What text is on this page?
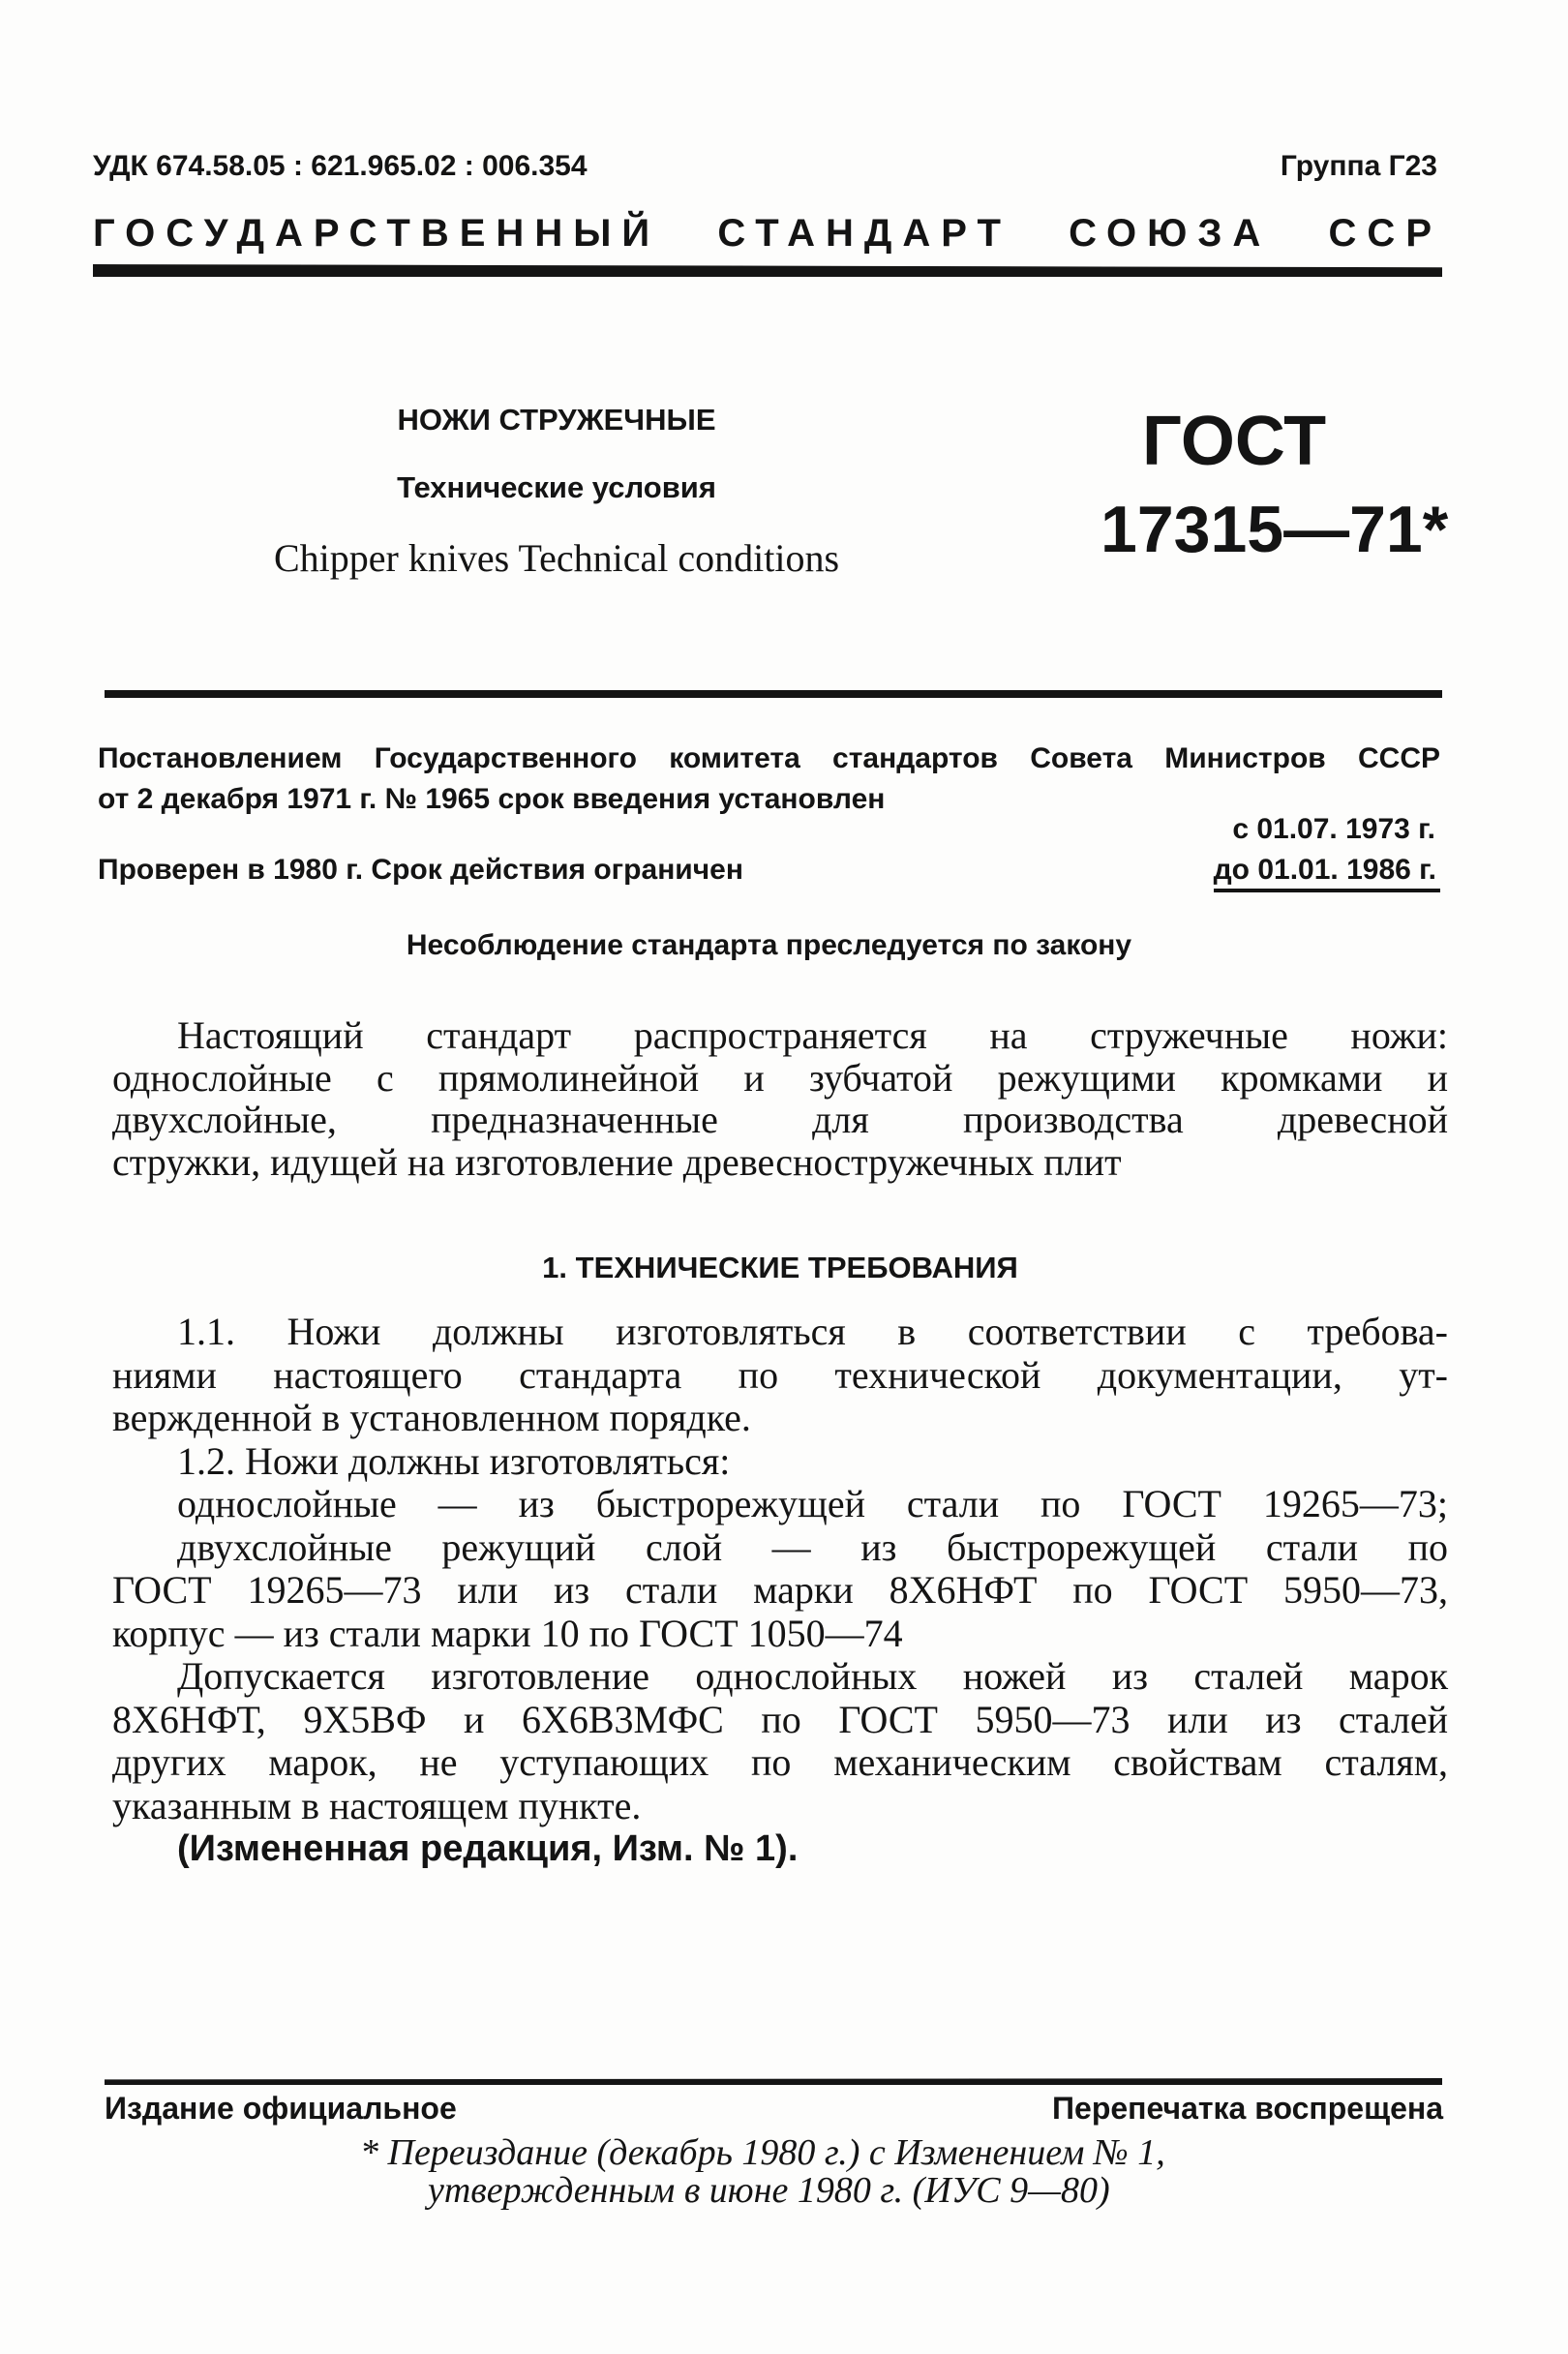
УДК 674.58.05 : 621.965.02 : 006.354	Группа Г23
ГОСУДАРСТВЕННЫЙ СТАНДАРТ СОЮЗА ССР
НОЖИ СТРУЖЕЧНЫЕ
Технические условия
Chipper knives Technical conditions
ГОСТ
17315—71*
Постановлением Государственного комитета стандартов Совета Министров СССР
от 2 декабря 1971 г. № 1965 срок введения установлен
с 01.07. 1973 г.
Проверен в 1980 г. Срок действия ограничен	до 01.01. 1986 г.
Несоблюдение стандарта преследуется по закону
Настоящий стандарт распространяется на стружечные ножи:
однослойные с прямолинейной и зубчатой режущими кромками и
двухслойные, предназначенные для производства древесной
стружки, идущей на изготовление древесностружечных плит
1. ТЕХНИЧЕСКИЕ ТРЕБОВАНИЯ
1.1. Ножи должны изготовляться в соответствии с требова-
ниями настоящего стандарта по технической документации, ут-
вержденной в установленном порядке.
1.2. Ножи должны изготовляться:
однослойные — из быстрорежущей стали по ГОСТ 19265—73;
двухслойные режущий слой — из быстрорежущей стали по
ГОСТ 19265—73 или из стали марки 8Х6НФТ по ГОСТ 5950—73,
корпус — из стали марки 10 по ГОСТ 1050—74
Допускается изготовление однослойных ножей из сталей марок
8Х6НФТ, 9Х5ВФ и 6Х6В3МФС по ГОСТ 5950—73 или из сталей
других марок, не уступающих по механическим свойствам сталям,
указанным в настоящем пункте.
(Измененная редакция, Изм. № 1).
Издание официальное	Перепечатка воспрещена
* Переиздание (декабрь 1980 г.) с Изменением № 1,
утвержденным в июне 1980 г. (ИУС 9—80)
